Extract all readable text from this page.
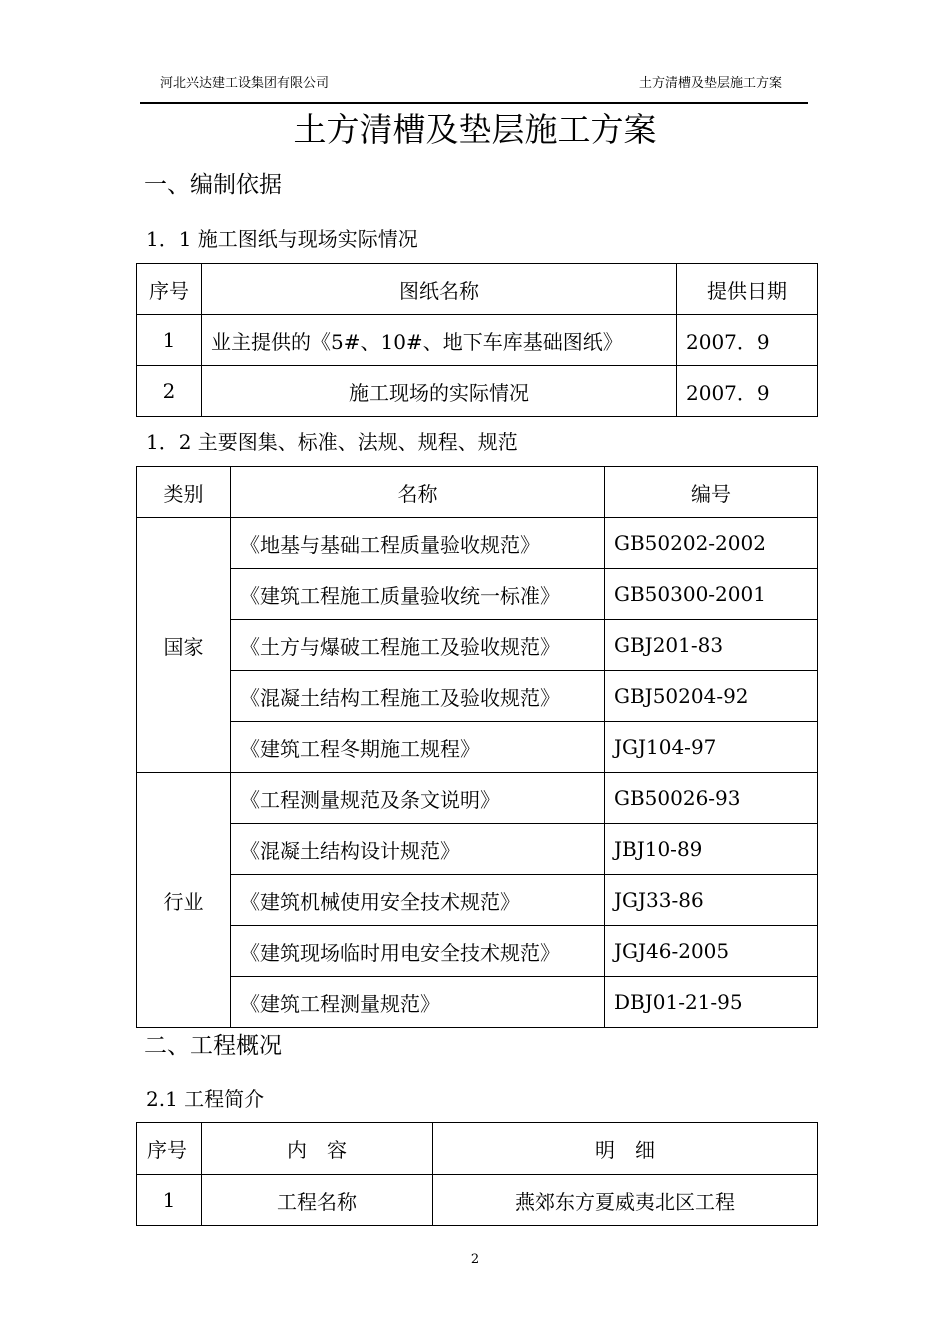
河北兴达建工设集团有限公司	土方清槽及垫层施工方案
土方清槽及垫层施工方案
一、编制依据
1．1 施工图纸与现场实际情况
序号	图纸名称	提供日期
1	业主提供的《5#、10#、地下车库基础图纸》	2007．9
2	施工现场的实际情况	2007．9
1．2 主要图集、标准、法规、规程、规范
类别	名称	编号
国家	《地基与基础工程质量验收规范》	GB50202-2002
	《建筑工程施工质量验收统一标准》	GB50300-2001
	《土方与爆破工程施工及验收规范》	GBJ201-83
	《混凝土结构工程施工及验收规范》	GBJ50204-92
	《建筑工程冬期施工规程》	JGJ104-97
行业	《工程测量规范及条文说明》	GB50026-93
	《混凝土结构设计规范》	JBJ10-89
	《建筑机械使用安全技术规范》	JGJ33-86
	《建筑现场临时用电安全技术规范》	JGJ46-2005
	《建筑工程测量规范》	DBJ01-21-95
二、工程概况
2.1 工程简介
序号	内　容	明　细
1	工程名称	燕郊东方夏威夷北区工程
2
